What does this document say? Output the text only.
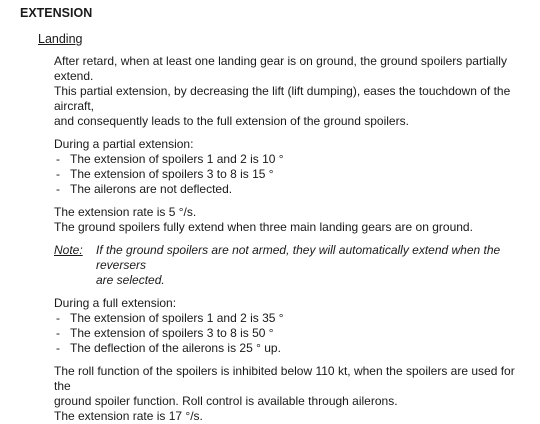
EXTENSION
Landing

After retard, when at least one landing gear is on ground, the ground spoilers partially extend.
This partial extension, by decreasing the lift (lift dumping), eases the touchdown of the aircraft,
and consequently leads to the full extension of the ground spoilers.

During a partial extension:

- The extension of spoilers 1 and 2 is 10 °
- The extension of spoilers 3 to 8 is 15 °
- The ailerons are not deflected.

The extension rate is 5 °/s.

The ground spoilers fully extend when three main landing gears are on ground.

Note:	If the ground spoilers are not armed, they will automatically extend when the reversers
are selected.

During a full extension:

- The extension of spoilers 1 and 2 is 35 °
- The extension of spoilers 3 to 8 is 50 °
- The deflection of the ailerons is 25 ° up.

The roll function of the spoilers is inhibited below 110 kt, when the spoilers are used for the
ground spoiler function. Roll control is available through ailerons.
The extension rate is 17 °/s.
